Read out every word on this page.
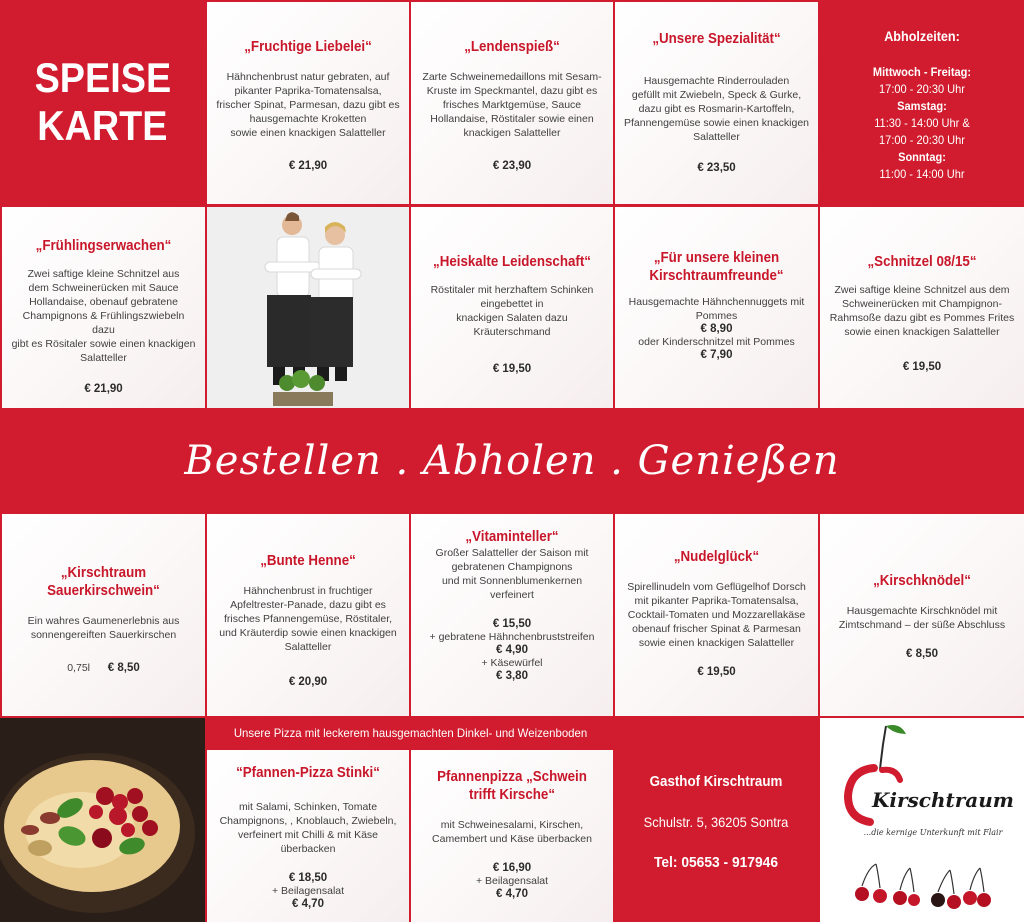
SPEISE
KARTE
„Fruchtige Liebelei“
Hähnchenbrust natur gebraten, auf
pikanter Paprika-Tomatensalsa,
frischer Spinat, Parmesan, dazu gibt es
hausgemachte Kroketten
sowie einen knackigen Salatteller
€ 21,90
„Lendenspieß“
Zarte Schweinemedaillons mit Sesam-
Kruste im Speckmantel, dazu gibt es
frisches Marktgemüse, Sauce
Hollandaise, Röstitaler sowie einen
knackigen Salatteller
€ 23,90
„Unsere Spezialität“
Hausgemachte Rinderrouladen
gefüllt mit Zwiebeln, Speck & Gurke,
dazu gibt es Rosmarin-Kartoffeln,
Pfannengemüse sowie einen knackigen
Salatteller
€ 23,50
Abholzeiten:
Mittwoch - Freitag:
17:00 - 20:30 Uhr
Samstag:
11:30 - 14:00 Uhr &
17:00 - 20:30 Uhr
Sonntag:
11:00 - 14:00 Uhr
„Frühlingserwachen“
Zwei saftige kleine Schnitzel aus
dem Schweinerücken mit Sauce
Hollandaise, obenauf gebratene
Champignons & Frühlingszwiebeln dazu
gibt es Rösitaler sowie einen knackigen
Salatteller
€ 21,90
„Heiskalte Leidenschaft“
Röstitaler mit herzhaftem Schinken
eingebettet in
knackigen Salaten dazu
Kräuterschmand
€ 19,50
„Für unsere kleinen
Kirschtraumfreunde“
Hausgemachte Hähnchennuggets mit
Pommes
€ 8,90
oder Kinderschnitzel mit Pommes
€ 7,90
„Schnitzel 08/15“
Zwei saftige kleine Schnitzel aus dem
Schweinerücken mit Champignon-
Rahmsoße dazu gibt es Pommes Frites
sowie einen knackigen Salatteller
€ 19,50
Bestellen . Abholen . Genießen
„Kirschtraum
Sauerkirschwein“
Ein wahres Gaumenerlebnis aus
sonnengereiften Sauerkirschen
0,75l € 8,50
„Bunte Henne“
Hähnchenbrust in fruchtiger
Apfeltrester-Panade, dazu gibt es
frisches Pfannengemüse, Röstitaler,
und Kräuterdip sowie einen knackigen
Salatteller
€ 20,90
„Vitaminteller“
Großer Salatteller der Saison mit
gebratenen Champignons
und mit Sonnenblumenkernen
verfeinert
€ 15,50
+ gebratene Hähnchenbruststreifen
€ 4,90
+ Käsewürfel
€ 3,80
„Nudelglück“
Spirellinudeln vom Geflügelhof Dorsch
mit pikanter Paprika-Tomatensalsa,
Cocktail-Tomaten und Mozzarellakäse
obenauf frischer Spinat & Parmesan
sowie einen knackigen Salatteller
€ 19,50
„Kirschknödel“
Hausgemachte Kirschknödel mit
Zimtschmand – der süße Abschluss
€ 8,50
Unsere Pizza mit leckerem hausgemachten Dinkel- und Weizenboden
“Pfannen-Pizza Stinki“
mit Salami, Schinken, Tomate
Champignons, , Knoblauch, Zwiebeln,
verfeinert mit Chilli & mit Käse
überbacken
€ 18,50
+ Beilagensalat
€ 4,70
Pfannenpizza „Schwein
trifft Kirsche“
mit Schweinesalami, Kirschen,
Camembert und Käse überbacken
€ 16,90
+ Beilagensalat
€ 4,70
Gasthof Kirschtraum
Schulstr. 5, 36205 Sontra
Tel: 05653 - 917946
Kirschtraum
...die kernige Unterkunft mit Flair
